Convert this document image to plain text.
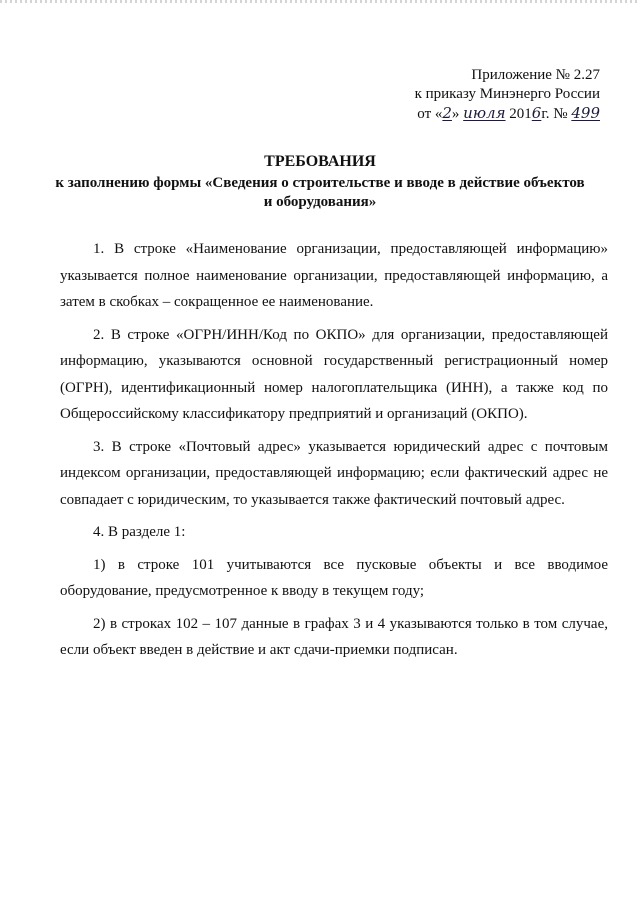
Приложение № 2.27
к приказу Минэнерго России
от «2» июля 2016г. № 499
ТРЕБОВАНИЯ
к заполнению формы «Сведения о строительстве и вводе в действие объектов и оборудования»

1. В строке «Наименование организации, предоставляющей информацию» указывается полное наименование организации, предоставляющей информацию, а затем в скобках – сокращенное ее наименование.

2. В строке «ОГРН/ИНН/Код по ОКПО» для организации, предоставляющей информацию, указываются основной государственный регистрационный номер (ОГРН), идентификационный номер налогоплательщика (ИНН), а также код по Общероссийскому классификатору предприятий и организаций (ОКПО).

3. В строке «Почтовый адрес» указывается юридический адрес с почтовым индексом организации, предоставляющей информацию; если фактический адрес не совпадает с юридическим, то указывается также фактический почтовый адрес.

4. В разделе 1:

1) в строке 101 учитываются все пусковые объекты и все вводимое оборудование, предусмотренное к вводу в текущем году;

2) в строках 102 – 107 данные в графах 3 и 4 указываются только в том случае, если объект введен в действие и акт сдачи-приемки подписан.
